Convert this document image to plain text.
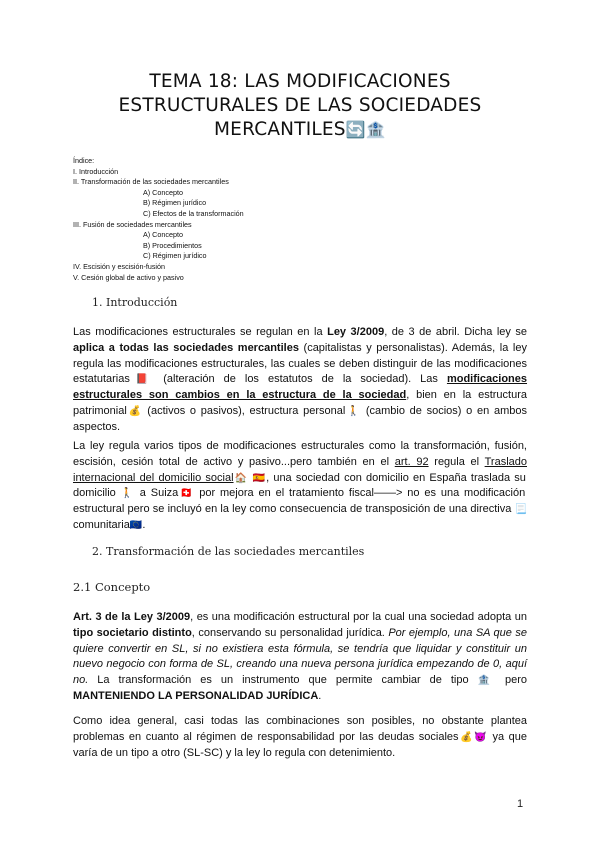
TEMA 18: LAS MODIFICACIONES
ESTRUCTURALES DE LAS SOCIEDADES
MERCANTILES🔄🏦
Índice:
I. Introducción
II. Transformación de las sociedades mercantiles
A) Concepto
B) Régimen jurídico
C) Efectos de la transformación
III. Fusión de sociedades mercantiles
A) Concepto
B) Procedimientos
C) Régimen jurídico
IV. Escisión y escisión-fusión
V. Cesión global de activo y pasivo
1. Introducción
Las modificaciones estructurales se regulan en la Ley 3/2009, de 3 de abril. Dicha ley se aplica a todas las sociedades mercantiles (capitalistas y personalistas). Además, la ley regula las modificaciones estructurales, las cuales se deben distinguir de las modificaciones estatutarias📕 (alteración de los estatutos de la sociedad). Las modificaciones estructurales son cambios en la estructura de la sociedad, bien en la estructura patrimonial💰 (activos o pasivos), estructura personal🚶 (cambio de socios) o en ambos aspectos.
La ley regula varios tipos de modificaciones estructurales como la transformación, fusión, escisión, cesión total de activo y pasivo...pero también en el art. 92 regula el Traslado internacional del domicilio social🏠 🇪🇸, una sociedad con domicilio en España traslada su domicilio 🚶 a Suiza🇨🇭 por mejora en el tratamiento fiscal——> no es una modificación estructural pero se incluyó en la ley como consecuencia de transposición de una directiva 📃 comunitaria🇪🇺.
2. Transformación de las sociedades mercantiles
2.1 Concepto
Art. 3 de la Ley 3/2009, es una modificación estructural por la cual una sociedad adopta un tipo societario distinto, conservando su personalidad jurídica. Por ejemplo, una SA que se quiere convertir en SL, si no existiera esta fórmula, se tendría que liquidar y constituir un nuevo negocio con forma de SL, creando una nueva persona jurídica empezando de 0, aquí no. La transformación es un instrumento que permite cambiar de tipo 🏦 pero MANTENIENDO LA PERSONALIDAD JURÍDICA.
Como idea general, casi todas las combinaciones son posibles, no obstante plantea problemas en cuanto al régimen de responsabilidad por las deudas sociales💰😈 ya que varía de un tipo a otro (SL-SC) y la ley lo regula con detenimiento.
1
